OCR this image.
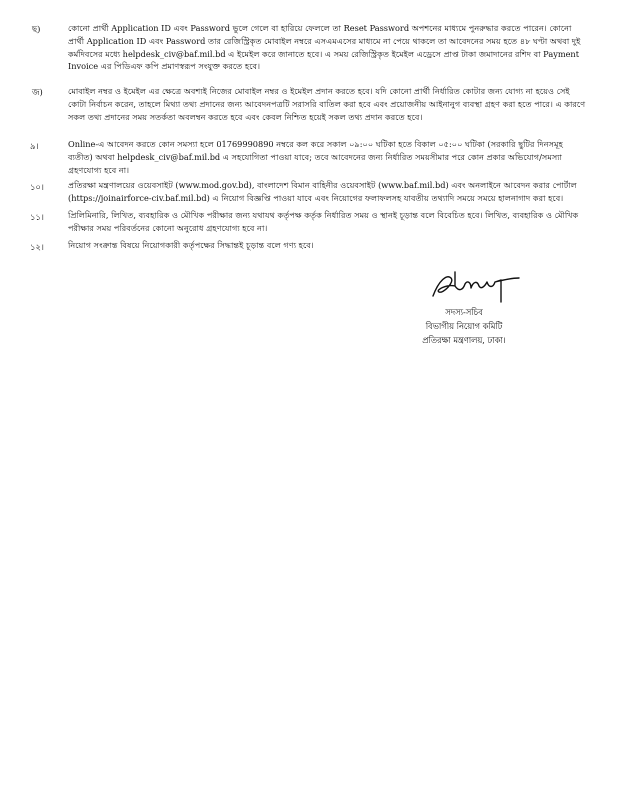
ছ)	কোনো প্রার্থী Application ID এবং Password ভুলে গেলে বা হারিয়ে ফেললে তা Reset Password অপশনের মাধ্যমে পুনরুদ্ধার করতে পারেন। কোনো প্রার্থী Application ID এবং Password তার রেজিস্ট্রিকৃত মোবাইল নম্বরে এসএমএসের মাধ্যমে না পেয়ে থাকলে তা আবেদনের সময় হতে ৪৮ ঘণ্টা অথবা দুই কর্মদিবসের মধ্যে helpdesk_civ@baf.mil.bd এ ইমেইল করে জানাতে হবে। এ সময় রেজিস্ট্রিকৃত ইমেইল এড্রেসে প্রাপ্ত টাকা জমাদানের রশিদ বা Payment Invoice এর পিডিএফ কপি প্রমাণস্বরূপ সংযুক্ত করতে হবে।
জ)	মোবাইল নম্বর ও ইমেইল এর ক্ষেত্রে অবশ্যই নিজের মোবাইল নম্বর ও ইমেইল প্রদান করতে হবে। যদি কোনো প্রার্থী নির্ধারিত কোটার জন্য যোগ্য না হয়েও সেই কোটা নির্বাচন করেন, তাহলে মিথ্যা তথ্য প্রদানের জন্য আবেদনপত্রটি সরাসরি বাতিল করা হবে এবং প্রয়োজনীয় আইনানুগ ব্যবস্থা গ্রহণ করা হতে পারে। এ কারণে সকল তথ্য প্রদানের সময় সতর্কতা অবলম্বন করতে হবে এবং কেবল নিশ্চিত হয়েই সকল তথ্য প্রদান করতে হবে।
৯।	Online-এ আবেদন করতে কোন সমস্যা হলে 01769990890 নম্বরে কল করে সকাল ০৯:০০ ঘটিকা হতে বিকাল ০৫:০০ ঘটিকা (সরকারি ছুটির দিনসমূহ ব্যতীত) অথবা helpdesk_civ@baf.mil.bd এ সহযোগিতা পাওয়া যাবে; তবে আবেদনের জন্য নির্ধারিত সময়সীমার পরে কোন প্রকার অভিযোগ/সমস্যা গ্রহণযোগ্য হবে না।
১০।	প্রতিরক্ষা মন্ত্রণালয়ের ওয়েবসাইট (www.mod.gov.bd), বাংলাদেশ বিমান বাহিনীর ওয়েবসাইট (www.baf.mil.bd) এবং অনলাইনে আবেদন করার পোর্টাল (https://joinairforce-civ.baf.mil.bd) এ নিয়োগ বিজ্ঞপ্তি পাওয়া যাবে এবং নিয়োগের ফলাফলসহ যাবতীয় তথ্যাদি সময়ে সময়ে হালনাগাদ করা হবে।
১১।	প্রিলিমিনারি, লিখিত, ব্যবহারিক ও মৌখিক পরীক্ষার জন্য যথাযথ কর্তৃপক্ষ কর্তৃক নির্ধারিত সময় ও স্থানই চূড়ান্ত বলে বিবেচিত হবে। লিখিত, ব্যবহারিক ও মৌখিক পরীক্ষার সময় পরিবর্তনের কোনো অনুরোধ গ্রহণযোগ্য হবে না।
১২।	নিয়োগ সংক্রান্ত বিষয়ে নিয়োগকারী কর্তৃপক্ষের সিদ্ধান্তই চূড়ান্ত বলে গণ্য হবে।
সদস্য-সচিব
বিভাগীয় নিয়োগ কমিটি
প্রতিরক্ষা মন্ত্রণালয়, ঢাকা।
